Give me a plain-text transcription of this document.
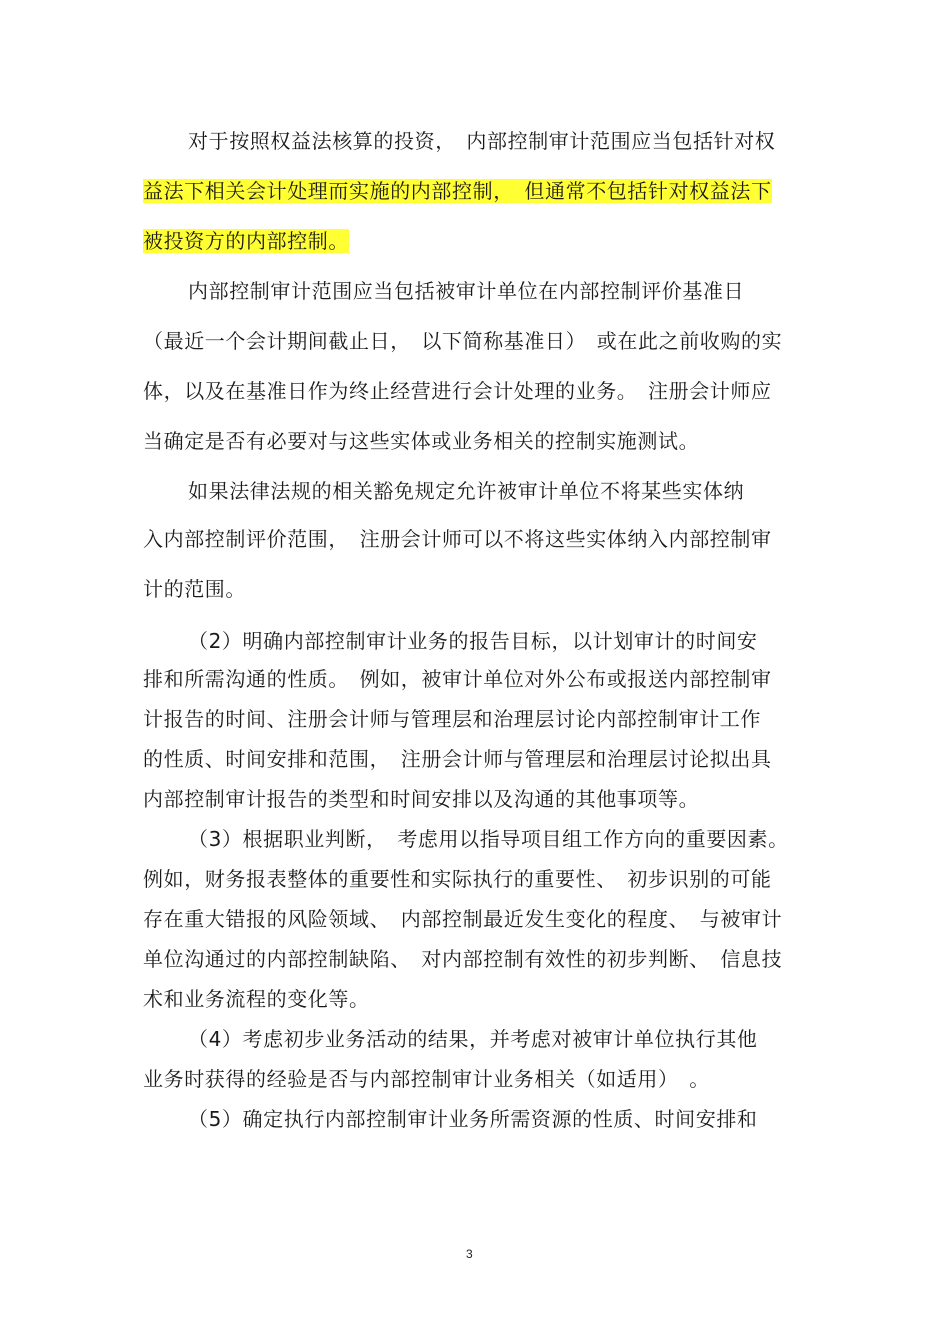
对于按照权益法核算的投资，　内部控制审计范围应当包括针对权
益法下相关会计处理而实施的内部控制，　但通常不包括针对权益法下
被投资方的内部控制。
内部控制审计范围应当包括被审计单位在内部控制评价基准日
（最近一个会计期间截止日，　以下简称基准日）　或在此之前收购的实
体，以及在基准日作为终止经营进行会计处理的业务。　注册会计师应
当确定是否有必要对与这些实体或业务相关的控制实施测试。
如果法律法规的相关豁免规定允许被审计单位不将某些实体纳
入内部控制评价范围，　注册会计师可以不将这些实体纳入内部控制审
计的范围。
（2）明确内部控制审计业务的报告目标，以计划审计的时间安
排和所需沟通的性质。　例如，被审计单位对外公布或报送内部控制审
计报告的时间、注册会计师与管理层和治理层讨论内部控制审计工作
的性质、时间安排和范围，　注册会计师与管理层和治理层讨论拟出具
内部控制审计报告的类型和时间安排以及沟通的其他事项等。
（3）根据职业判断，　考虑用以指导项目组工作方向的重要因素。
例如，财务报表整体的重要性和实际执行的重要性、　初步识别的可能
存在重大错报的风险领域、　内部控制最近发生变化的程度、　与被审计
单位沟通过的内部控制缺陷、　对内部控制有效性的初步判断、　信息技
术和业务流程的变化等。
（4）考虑初步业务活动的结果，并考虑对被审计单位执行其他
业务时获得的经验是否与内部控制审计业务相关（如适用）　。
（5）确定执行内部控制审计业务所需资源的性质、时间安排和
3
